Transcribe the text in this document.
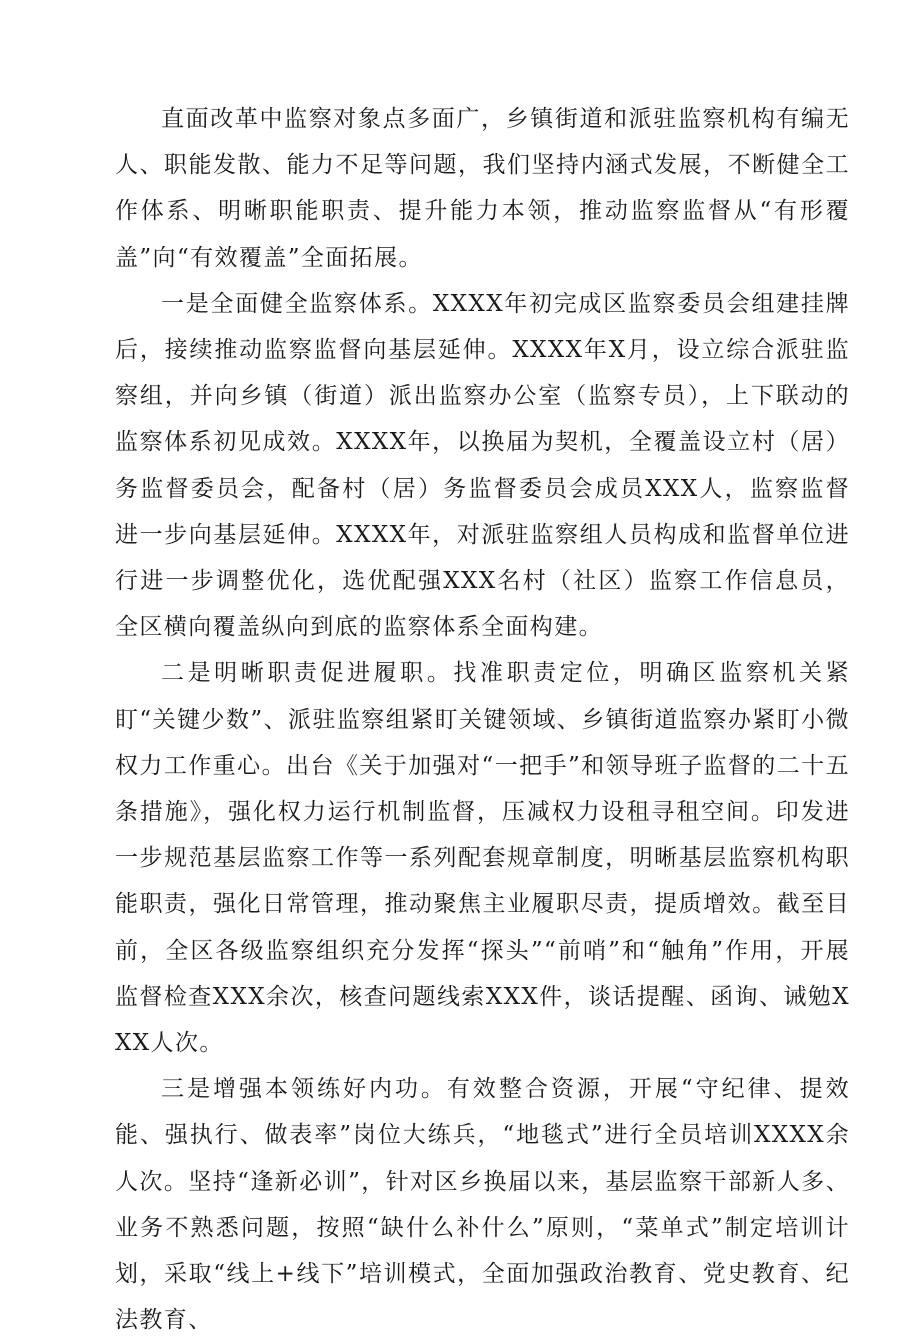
直面改革中监察对象点多面广，乡镇街道和派驻监察机构有编无人、职能发散、能力不足等问题，我们坚持内涵式发展，不断健全工作体系、明晰职能职责、提升能力本领，推动监察监督从“有形覆盖”向“有效覆盖”全面拓展。

一是全面健全监察体系。XXXX年初完成区监察委员会组建挂牌后，接续推动监察监督向基层延伸。XXXX年X月，设立综合派驻监察组，并向乡镇（街道）派出监察办公室（监察专员），上下联动的监察体系初见成效。XXXX年，以换届为契机，全覆盖设立村（居）务监督委员会，配备村（居）务监督委员会成员XXX人，监察监督进一步向基层延伸。XXXX年，对派驻监察组人员构成和监督单位进行进一步调整优化，选优配强XXX名村（社区）监察工作信息员，全区横向覆盖纵向到底的监察体系全面构建。

二是明晰职责促进履职。找准职责定位，明确区监察机关紧盯“关键少数”、派驻监察组紧盯关键领域、乡镇街道监察办紧盯小微权力工作重心。出台《关于加强对“一把手”和领导班子监督的二十五条措施》，强化权力运行机制监督，压减权力设租寻租空间。印发进一步规范基层监察工作等一系列配套规章制度，明晰基层监察机构职能职责，强化日常管理，推动聚焦主业履职尽责，提质增效。截至目前，全区各级监察组织充分发挥“探头”“前哨”和“触角”作用，开展监督检查XXX余次，核查问题线索XXX件，谈话提醒、函询、诫勉XXX人次。

三是增强本领练好内功。有效整合资源，开展“守纪律、提效能、强执行、做表率”岗位大练兵，“地毯式”进行全员培训XXXX余人次。坚持“逢新必训”，针对区乡换届以来，基层监察干部新人多、业务不熟悉问题，按照“缺什么补什么”原则，“菜单式”制定培训计划，采取“线上+线下”培训模式，全面加强政治教育、党史教育、纪法教育、
